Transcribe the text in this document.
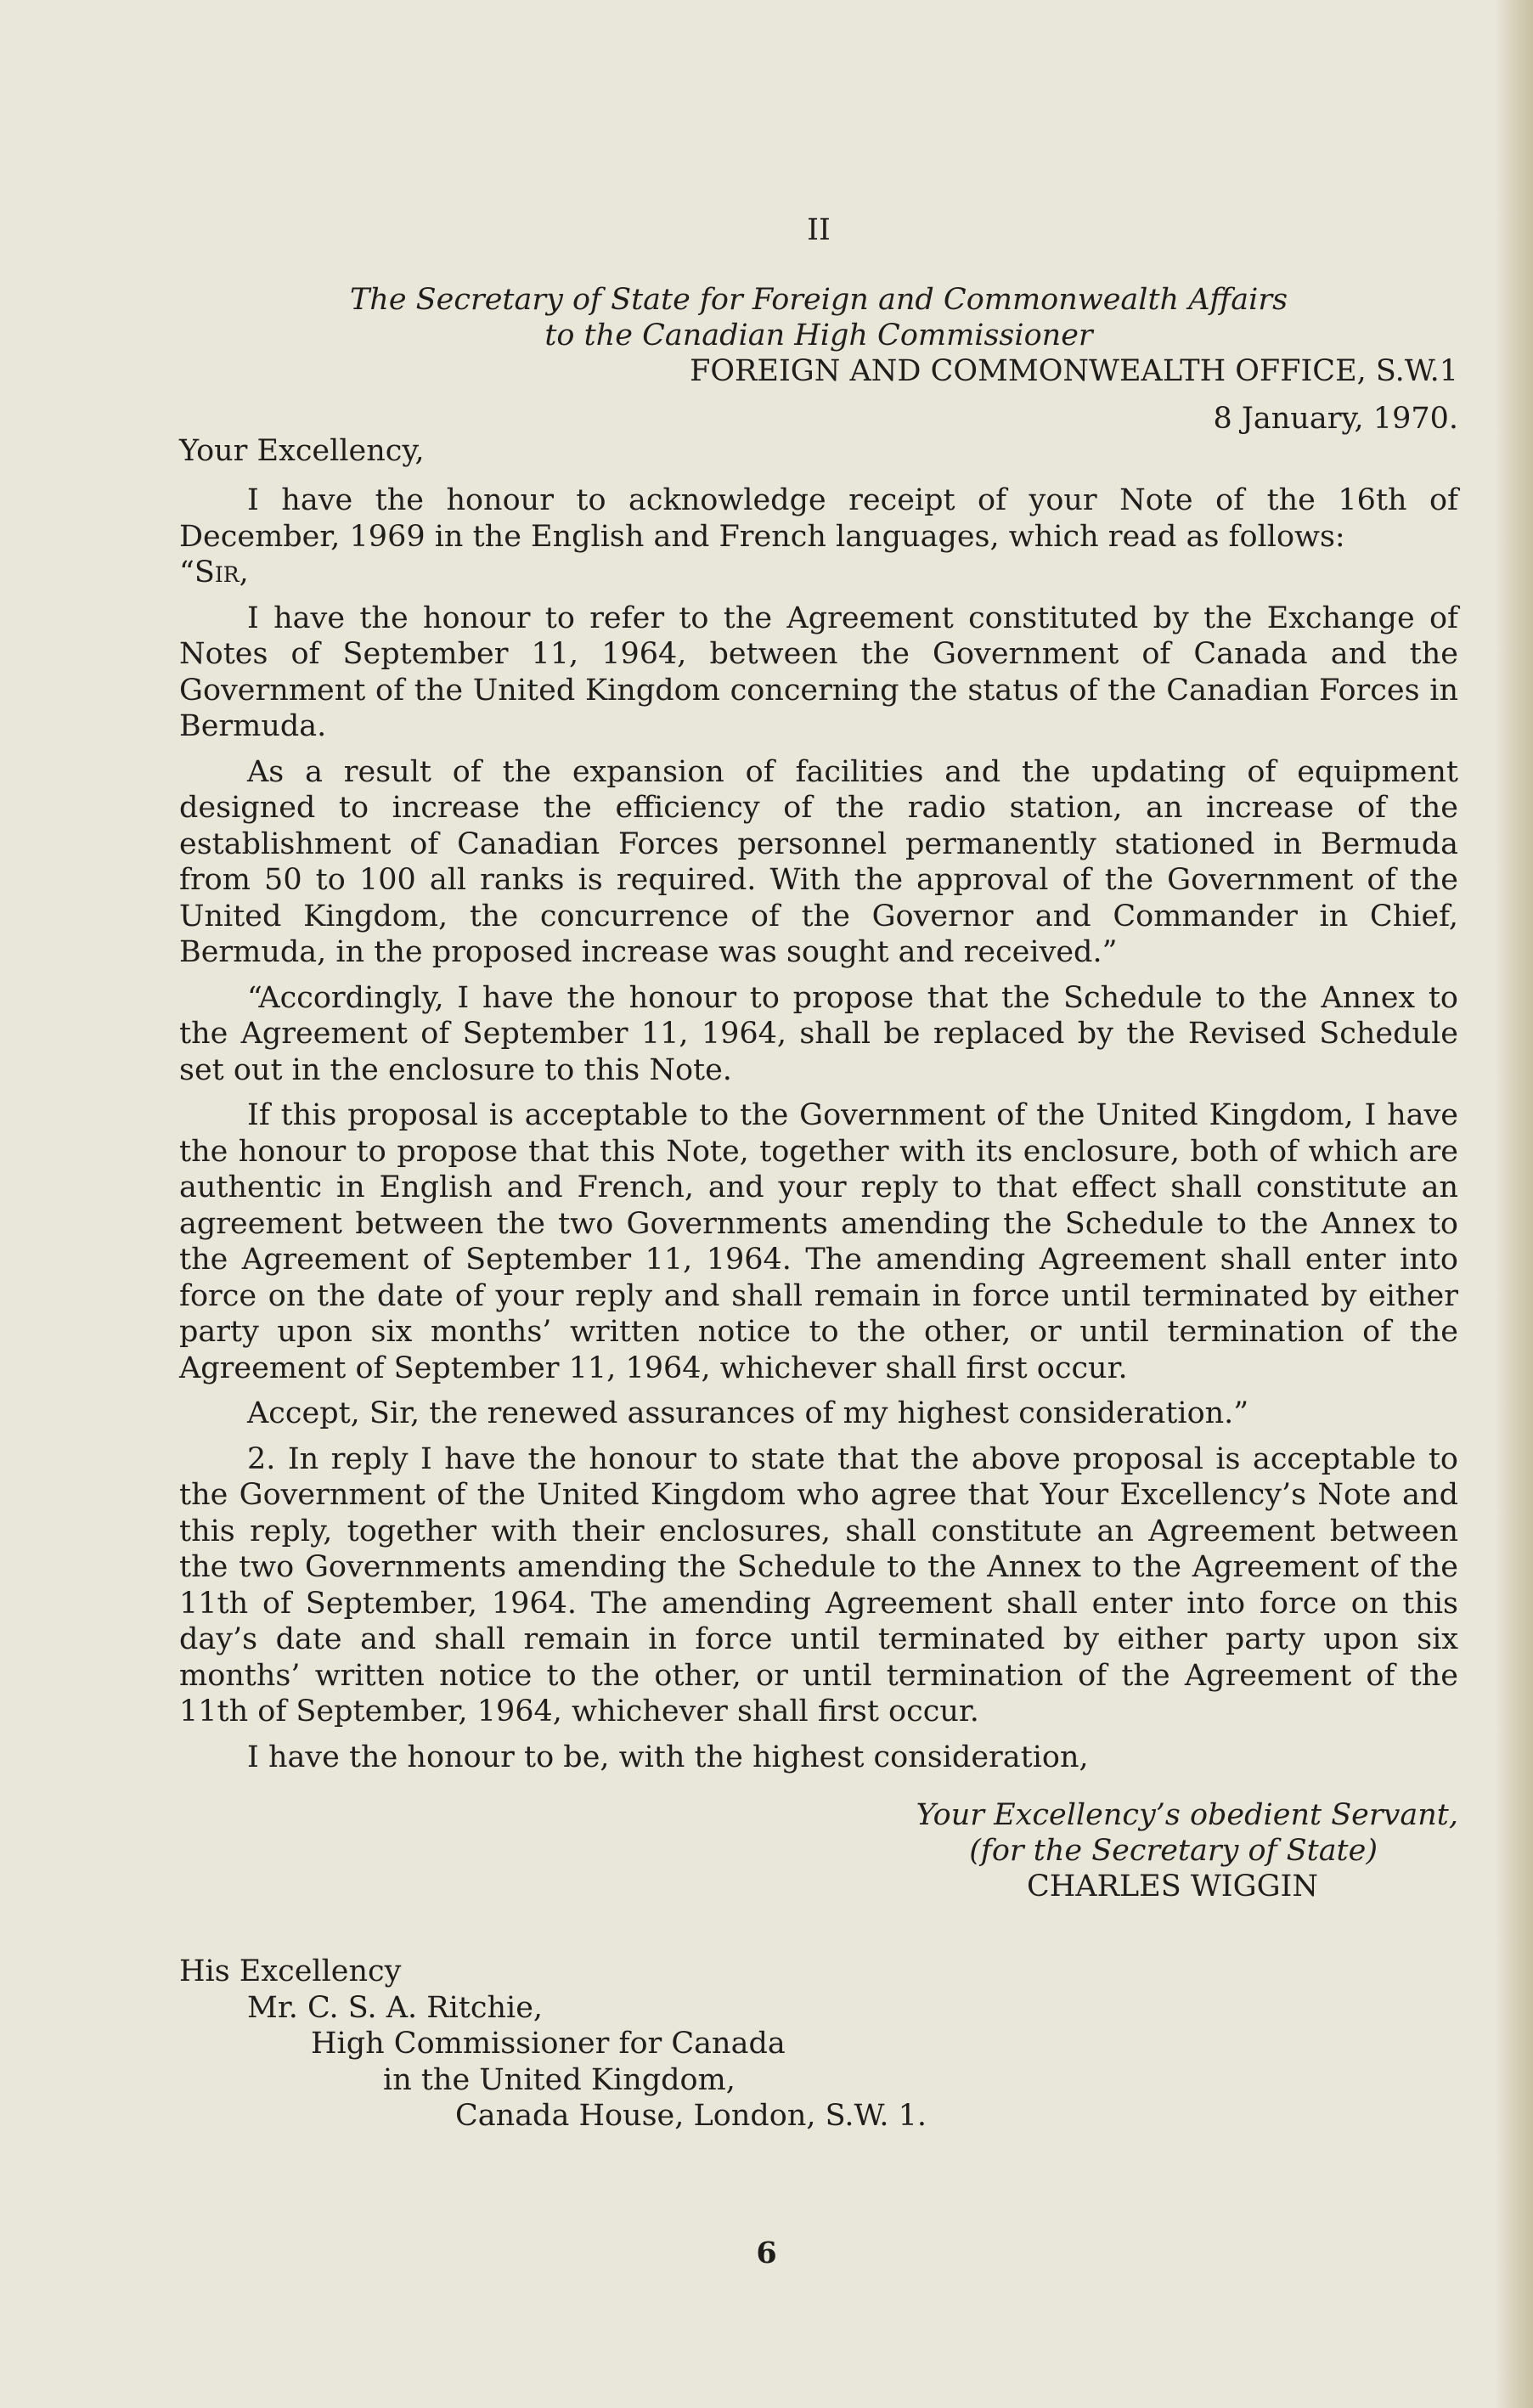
II
The Secretary of State for Foreign and Commonwealth Affairs
to the Canadian High Commissioner
FOREIGN AND COMMONWEALTH OFFICE, S.W.1
8 January, 1970.
Your Excellency,

I have the honour to acknowledge receipt of your Note of the 16th of December, 1969 in the English and French languages, which read as follows:

“Sir,

I have the honour to refer to the Agreement constituted by the Exchange of Notes of September 11, 1964, between the Government of Canada and the Government of the United Kingdom concerning the status of the Canadian Forces in Bermuda.

As a result of the expansion of facilities and the updating of equipment designed to increase the efficiency of the radio station, an increase of the establishment of Canadian Forces personnel permanently stationed in Bermuda from 50 to 100 all ranks is required. With the approval of the Government of the United Kingdom, the concurrence of the Governor and Commander in Chief, Bermuda, in the proposed increase was sought and received.”

“Accordingly, I have the honour to propose that the Schedule to the Annex to the Agreement of September 11, 1964, shall be replaced by the Revised Schedule set out in the enclosure to this Note.

If this proposal is acceptable to the Government of the United Kingdom, I have the honour to propose that this Note, together with its enclosure, both of which are authentic in English and French, and your reply to that effect shall constitute an agreement between the two Governments amending the Schedule to the Annex to the Agreement of September 11, 1964. The amending Agreement shall enter into force on the date of your reply and shall remain in force until terminated by either party upon six months’ written notice to the other, or until termination of the Agreement of September 11, 1964, whichever shall first occur.

Accept, Sir, the renewed assurances of my highest consideration.”

2. In reply I have the honour to state that the above proposal is acceptable to the Government of the United Kingdom who agree that Your Excellency’s Note and this reply, together with their enclosures, shall constitute an Agreement between the two Governments amending the Schedule to the Annex to the Agreement of the 11th of September, 1964. The amending Agreement shall enter into force on this day’s date and shall remain in force until terminated by either party upon six months’ written notice to the other, or until termination of the Agreement of the 11th of September, 1964, whichever shall first occur.

I have the honour to be, with the highest consideration,

Your Excellency’s obedient Servant,
(for the Secretary of State)
CHARLES WIGGIN
His Excellency
Mr. C. S. A. Ritchie,
High Commissioner for Canada
in the United Kingdom,
Canada House, London, S.W. 1.
6
